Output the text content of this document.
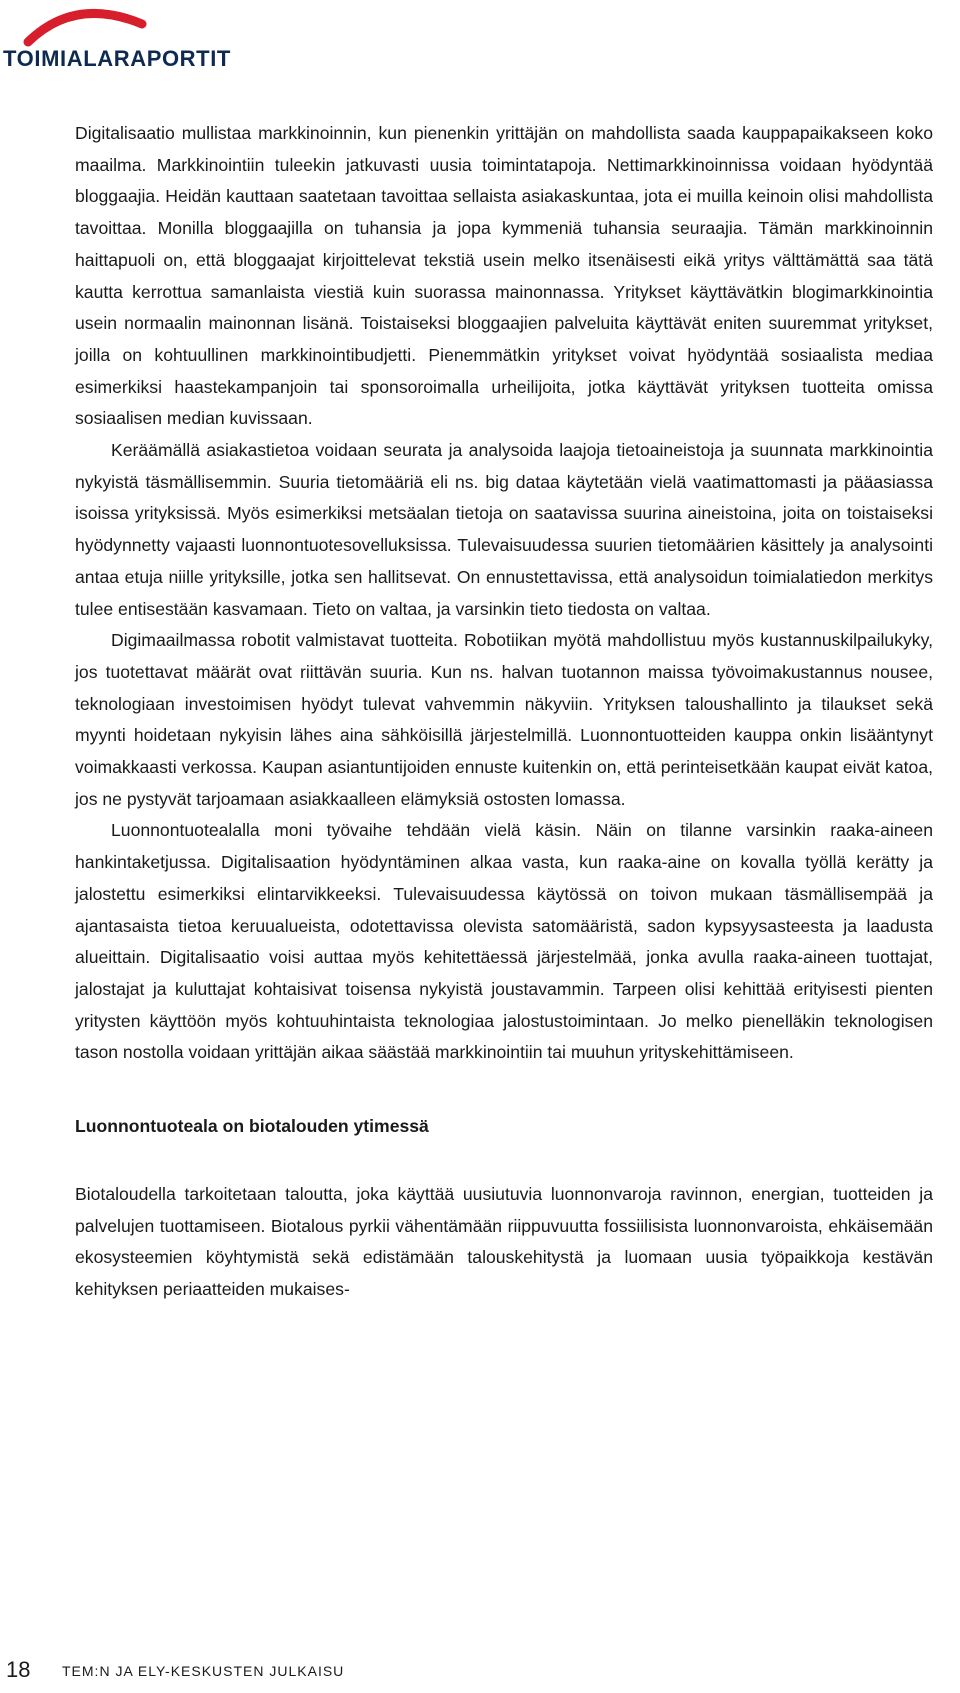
TOIMIALARAPORTIT

Digitalisaatio mullistaa markkinoinnin, kun pienenkin yrittäjän on mahdollista saada kauppapaikakseen koko maailma. Markkinointiin tuleekin jatkuvasti uusia toimintatapoja. Nettimarkkinoinnissa voidaan hyödyntää bloggaajia. Heidän kauttaan saatetaan tavoittaa sellaista asiakaskuntaa, jota ei muilla keinoin olisi mahdollista tavoittaa. Monilla bloggaajilla on tuhansia ja jopa kymmeniä tuhansia seuraajia. Tämän markkinoinnin haittapuoli on, että bloggaajat kirjoittelevat tekstiä usein melko itsenäisesti eikä yritys välttämättä saa tätä kautta kerrottua samanlaista viestiä kuin suorassa mainonnassa. Yritykset käyttävätkin blogimarkkinointia usein normaalin mainonnan lisänä. Toistaiseksi bloggaajien palveluita käyttävät eniten suuremmat yritykset, joilla on kohtuullinen markkinointibudjetti. Pienemmätkin yritykset voivat hyödyntää sosiaalista mediaa esimerkiksi haastekampanjoin tai sponsoroimalla urheilijoita, jotka käyttävät yrityksen tuotteita omissa sosiaalisen median kuvissaan.

Keräämällä asiakastietoa voidaan seurata ja analysoida laajoja tietoaineistoja ja suunnata markkinointia nykyistä täsmällisemmin. Suuria tietomääriä eli ns. big dataa käytetään vielä vaatimattomasti ja pääasiassa isoissa yrityksissä. Myös esimerkiksi metsäalan tietoja on saatavissa suurina aineistoina, joita on toistaiseksi hyödynnetty vajaasti luonnontuotesovelluksissa. Tulevaisuudessa suurien tietomäärien käsittely ja analysointi antaa etuja niille yrityksille, jotka sen hallitsevat. On ennustettavissa, että analysoidun toimialatiedon merkitys tulee entisestään kasvamaan. Tieto on valtaa, ja varsinkin tieto tiedosta on valtaa.

Digimaailmassa robotit valmistavat tuotteita. Robotiikan myötä mahdollistuu myös kustannuskilpailukyky, jos tuotettavat määrät ovat riittävän suuria. Kun ns. halvan tuotannon maissa työvoimakustannus nousee, teknologiaan investoimisen hyödyt tulevat vahvemmin näkyviin. Yrityksen taloushallinto ja tilaukset sekä myynti hoidetaan nykyisin lähes aina sähköisillä järjestelmillä. Luonnontuotteiden kauppa onkin lisääntynyt voimakkaasti verkossa. Kaupan asiantuntijoiden ennuste kuitenkin on, että perinteisetkään kaupat eivät katoa, jos ne pystyvät tarjoamaan asiakkaalleen elämyksiä ostosten lomassa.

Luonnontuotealalla moni työvaihe tehdään vielä käsin. Näin on tilanne varsinkin raaka-aineen hankintaketjussa. Digitalisaation hyödyntäminen alkaa vasta, kun raaka-aine on kovalla työllä kerätty ja jalostettu esimerkiksi elintarvikkeeksi. Tulevaisuudessa käytössä on toivon mukaan täsmällisempää ja ajantasaista tietoa keruualueista, odotettavissa olevista satomääristä, sadon kypsyysasteesta ja laadusta alueittain. Digitalisaatio voisi auttaa myös kehitettäessä järjestelmää, jonka avulla raaka-aineen tuottajat, jalostajat ja kuluttajat kohtaisivat toisensa nykyistä joustavammin. Tarpeen olisi kehittää erityisesti pienten yritysten käyttöön myös kohtuuhintaista teknologiaa jalostustoimintaan. Jo melko pienelläkin teknologisen tason nostolla voidaan yrittäjän aikaa säästää markkinointiin tai muuhun yrityskehittämiseen.

Luonnontuoteala on biotalouden ytimessä

Biotaloudella tarkoitetaan taloutta, joka käyttää uusiutuvia luonnonvaroja ravinnon, energian, tuotteiden ja palvelujen tuottamiseen. Biotalous pyrkii vähentämään riippuvuutta fossiilisista luonnonvaroista, ehkäisemään ekosysteemien köyhtymistä sekä edistämään talouskehitystä ja luomaan uusia työpaikkoja kestävän kehityksen periaatteiden mukaises-

18 TEM:N JA ELY-KESKUSTEN JULKAISU
